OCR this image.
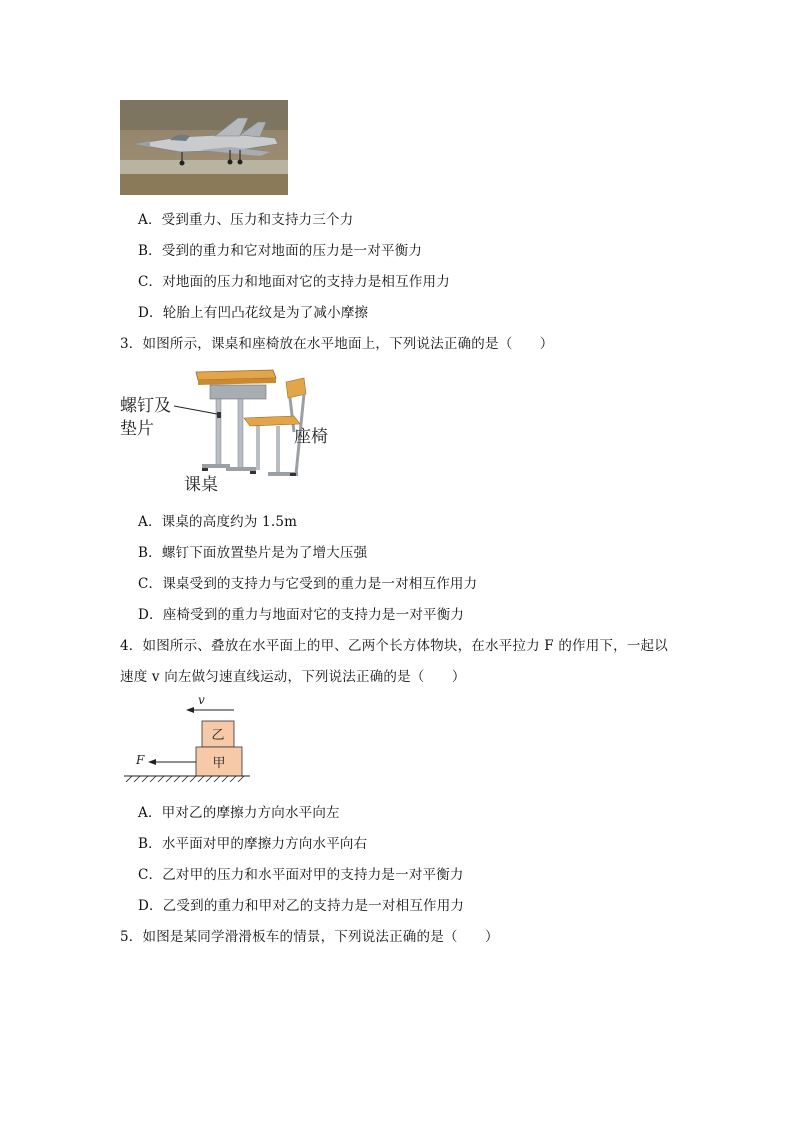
A．受到重力、压力和支持力三个力
B．受到的重力和它对地面的压力是一对平衡力
C．对地面的压力和地面对它的支持力是相互作用力
D．轮胎上有凹凸花纹是为了减小摩擦
3．如图所示，课桌和座椅放在水平地面上，下列说法正确的是（　　）
螺钉及
垫片	座椅
课桌
A．课桌的高度约为 1.5m
B．螺钉下面放置垫片是为了增大压强
C．课桌受到的支持力与它受到的重力是一对相互作用力
D．座椅受到的重力与地面对它的支持力是一对平衡力
4．如图所示、叠放在水平面上的甲、乙两个长方体物块，在水平拉力 F 的作用下，一起以
速度 v 向左做匀速直线运动，下列说法正确的是（　　）
v
乙
甲
F
A．甲对乙的摩擦力方向水平向左
B．水平面对甲的摩擦力方向水平向右
C．乙对甲的压力和水平面对甲的支持力是一对平衡力
D．乙受到的重力和甲对乙的支持力是一对相互作用力
5．如图是某同学滑滑板车的情景，下列说法正确的是（　　）
